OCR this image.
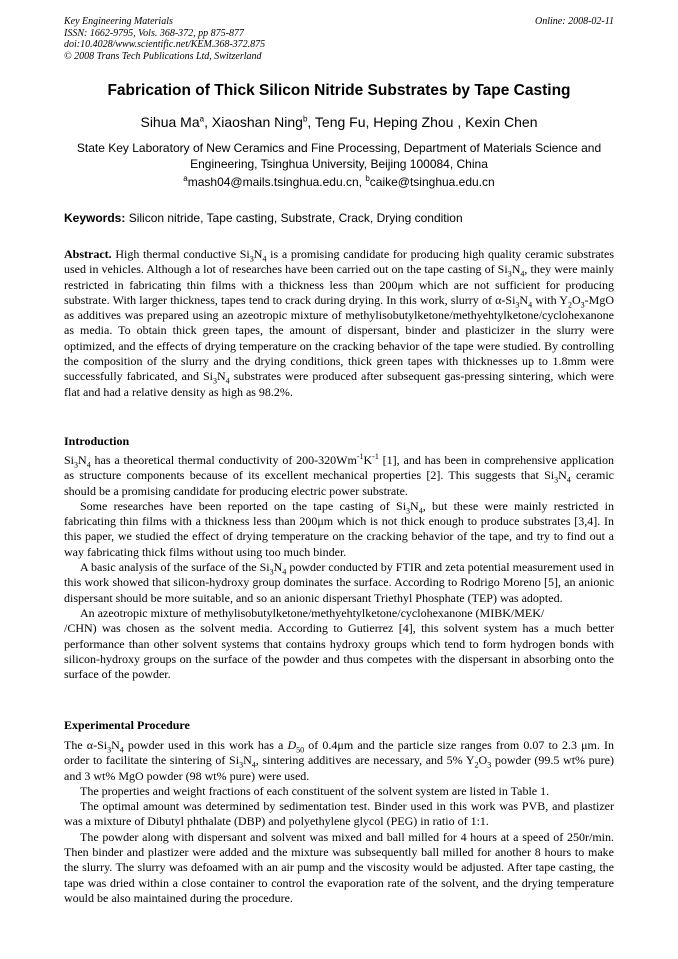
Key Engineering Materials
ISSN: 1662-9795, Vols. 368-372, pp 875-877
doi:10.4028/www.scientific.net/KEM.368-372.875
© 2008 Trans Tech Publications Ltd, Switzerland
Online: 2008-02-11
Fabrication of Thick Silicon Nitride Substrates by Tape Casting
Sihua Ma$^a$, Xiaoshan Ning$^b$, Teng Fu, Heping Zhou , Kexin Chen
State Key Laboratory of New Ceramics and Fine Processing, Department of Materials Science and
Engineering, Tsinghua University, Beijing 100084, China
$^a$mash04@mails.tsinghua.edu.cn, $^b$caike@tsinghua.edu.cn
Keywords: Silicon nitride, Tape casting, Substrate, Crack, Drying condition

Abstract. High thermal conductive $Si_3N_4$ is a promising candidate for producing high quality ceramic substrates used in vehicles. Although a lot of researches have been carried out on the tape casting of $Si_3N_4$, they were mainly restricted in fabricating thin films with a thickness less than 200μm which are not sufficient for producing substrate. With larger thickness, tapes tend to crack during drying. In this work, slurry of $\alpha-Si_3N_4$ with $Y_2O_3$-MgO as additives was prepared using an azeotropic mixture of methylisobutylketone/methyehtylketone/cyclohexanone as media. To obtain thick green tapes, the amount of dispersant, binder and plasticizer in the slurry were optimized, and the effects of drying temperature on the cracking behavior of the tape were studied. By controlling the composition of the slurry and the drying conditions, thick green tapes with thicknesses up to 1.8mm were successfully fabricated, and $Si_3N_4$ substrates were produced after subsequent gas-pressing sintering, which were flat and had a relative density as high as 98.2%.

Introduction

$Si_3N_4$ has a theoretical thermal conductivity of $200-320Wm^{-1}K^{-1}$ [1], and has been in comprehensive application as structure components because of its excellent mechanical properties [2]. This suggests that $Si_3N_4$ ceramic should be a promising candidate for producing electric power substrate.

Some researches have been reported on the tape casting of $Si_3N_4$, but these were mainly restricted in fabricating thin films with a thickness less than 200μm which is not thick enough to produce substrates [3,4]. In this paper, we studied the effect of drying temperature on the cracking behavior of the tape, and try to find out a way fabricating thick films without using too much binder.

A basic analysis of the surface of the $Si_3N_4$ powder conducted by FTIR and zeta potential measurement used in this work showed that silicon-hydroxy group dominates the surface. According to Rodrigo Moreno [5], an anionic dispersant should be more suitable, and so an anionic dispersant Triethyl Phosphate (TEP) was adopted.

An azeotropic mixture of methylisobutylketone/methyehtylketone/cyclohexanone (MIBK/MEK/
/CHN) was chosen as the solvent media. According to Gutierrez [4], this solvent system has a much better performance than other solvent systems that contains hydroxy groups which tend to form hydrogen bonds with silicon-hydroxy groups on the surface of the powder and thus competes with the dispersant in absorbing onto the surface of the powder.

Experimental Procedure

The $\alpha-Si_3N_4$ powder used in this work has a $D_{50}$ of 0.4μm and the particle size ranges from 0.07 to 2.3 μm. In order to facilitate the sintering of $Si_3N_4$, sintering additives are necessary, and 5% $Y_2O_3$ powder (99.5 wt% pure) and 3 wt% MgO powder (98 wt% pure) were used.

The properties and weight fractions of each constituent of the solvent system are listed in Table 1.

The optimal amount was determined by sedimentation test. Binder used in this work was PVB, and plastizer was a mixture of Dibutyl phthalate (DBP) and polyethylene glycol (PEG) in ratio of 1:1.

The powder along with dispersant and solvent was mixed and ball milled for 4 hours at a speed of 250r/min. Then binder and plastizer were added and the mixture was subsequently ball milled for another 8 hours to make the slurry. The slurry was defoamed with an air pump and the viscosity would be adjusted. After tape casting, the tape was dried within a close container to control the evaporation rate of the solvent, and the drying temperature would be also maintained during the procedure.
